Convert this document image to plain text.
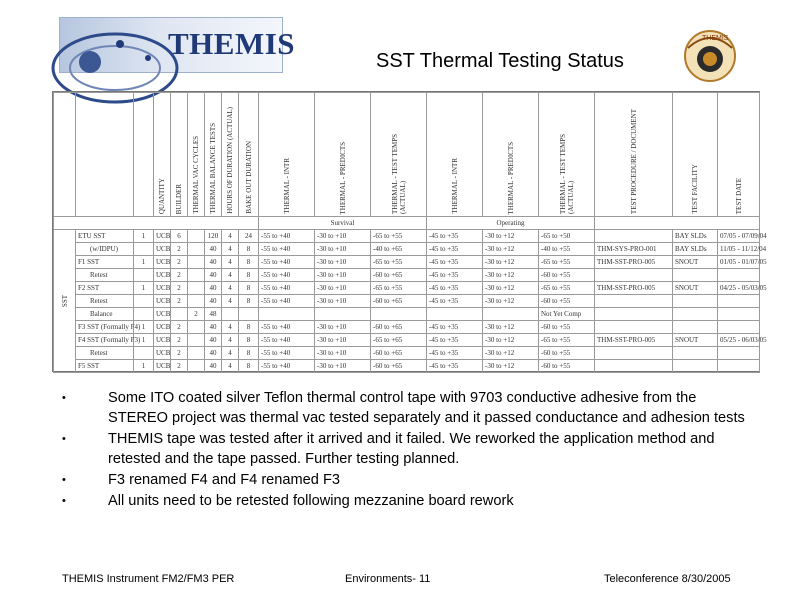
THEMIS	SST Thermal Testing Status
THEMIS

			QUANTITY	BUILDER	THERMAL VAC CYCLES	THERMAL BALANCE TESTS	HOURS OF DURATION (ACTUAL)	BAKE OUT DURATION	THERMAL - INTR	THERMAL - PREDICTS	THERMAL - TEST TEMPS (ACTUAL)	THERMAL - INTR	THERMAL - PREDICTS	THERMAL - TEST TEMPS (ACTUAL)	TEST PROCEDURE / DOCUMENT	TEST FACILITY	TEST DATE

									Survival			Operating					

SST	ETU SST	1	UCB	6		120	4	24	-55 to +40	-30 to +10	-65 to +55	-45 to +35	-30 to +12	-65 to +50		BAY SLDs	07/05 - 07/09/04
	(w/IDPU)		UCB	2		40	4	8	-55 to +40	-30 to +10	-40 to +65	-45 to +35	-30 to +12	-40 to +55	THM-SYS-PRO-001	BAY SLDs	11/05 - 11/12/04
	F1 SST	1	UCB	2		40	4	8	-55 to +40	-30 to +10	-65 to +55	-45 to +35	-30 to +12	-65 to +55	THM-SST-PRO-005	SNOUT	01/05 - 01/07/05
	Retest		UCB	2		40	4	8	-55 to +40	-30 to +10	-60 to +65	-45 to +35	-30 to +12	-60 to +55			
	F2 SST	1	UCB	2		40	4	8	-55 to +40	-30 to +10	-65 to +55	-45 to +35	-30 to +12	-65 to +55	THM-SST-PRO-005	SNOUT	04/25 - 05/03/05
	Retest		UCB	2		40	4	8	-55 to +40	-30 to +10	-60 to +65	-45 to +35	-30 to +12	-60 to +55			
	Balance		UCB		2	48								Not Yet Comp			
	F3 SST (Formally F4)	1	UCB	2		40	4	8	-55 to +40	-30 to +10	-60 to +65	-45 to +35	-30 to +12	-60 to +55			
	F4 SST (Formally F3)	1	UCB	2		40	4	8	-55 to +40	-30 to +10	-65 to +65	-45 to +35	-30 to +12	-65 to +55	THM-SST-PRO-005	SNOUT	05/25 - 06/03/05
	Retest		UCB	2		40	4	8	-55 to +40	-30 to +10	-60 to +65	-45 to +35	-30 to +12	-60 to +55			
	F5 SST	1	UCB	2		40	4	8	-55 to +40	-30 to +10	-60 to +65	-45 to +35	-30 to +12	-60 to +55			
• Some ITO coated silver Teflon thermal control tape with 9703 conductive adhesive from the STEREO project was thermal vac tested separately and it passed conductance and adhesion tests
• THEMIS tape was tested after it arrived and it failed. We reworked the application method and retested and the tape passed. Further testing planned.
• F3 renamed F4 and F4 renamed F3
• All units need to be retested following mezzanine board rework
THEMIS Instrument FM2/FM3 PER	Environments- 11	Teleconference 8/30/2005
